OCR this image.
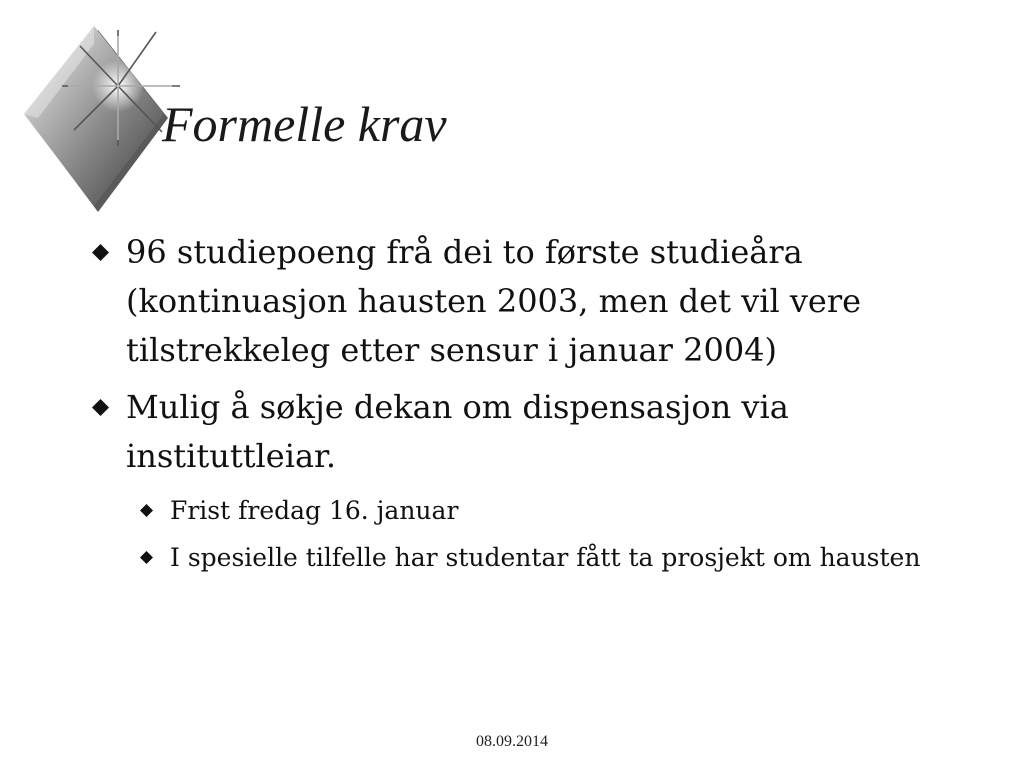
Formelle krav
96 studiepoeng frå dei to første studieåra (kontinuasjon hausten 2003, men det vil vere tilstrekkeleg etter sensur i januar 2004)
Mulig å søkje dekan om dispensasjon via instituttleiar.
Frist fredag 16. januar
I spesielle tilfelle har studentar fått ta prosjekt om hausten
08.09.2014
